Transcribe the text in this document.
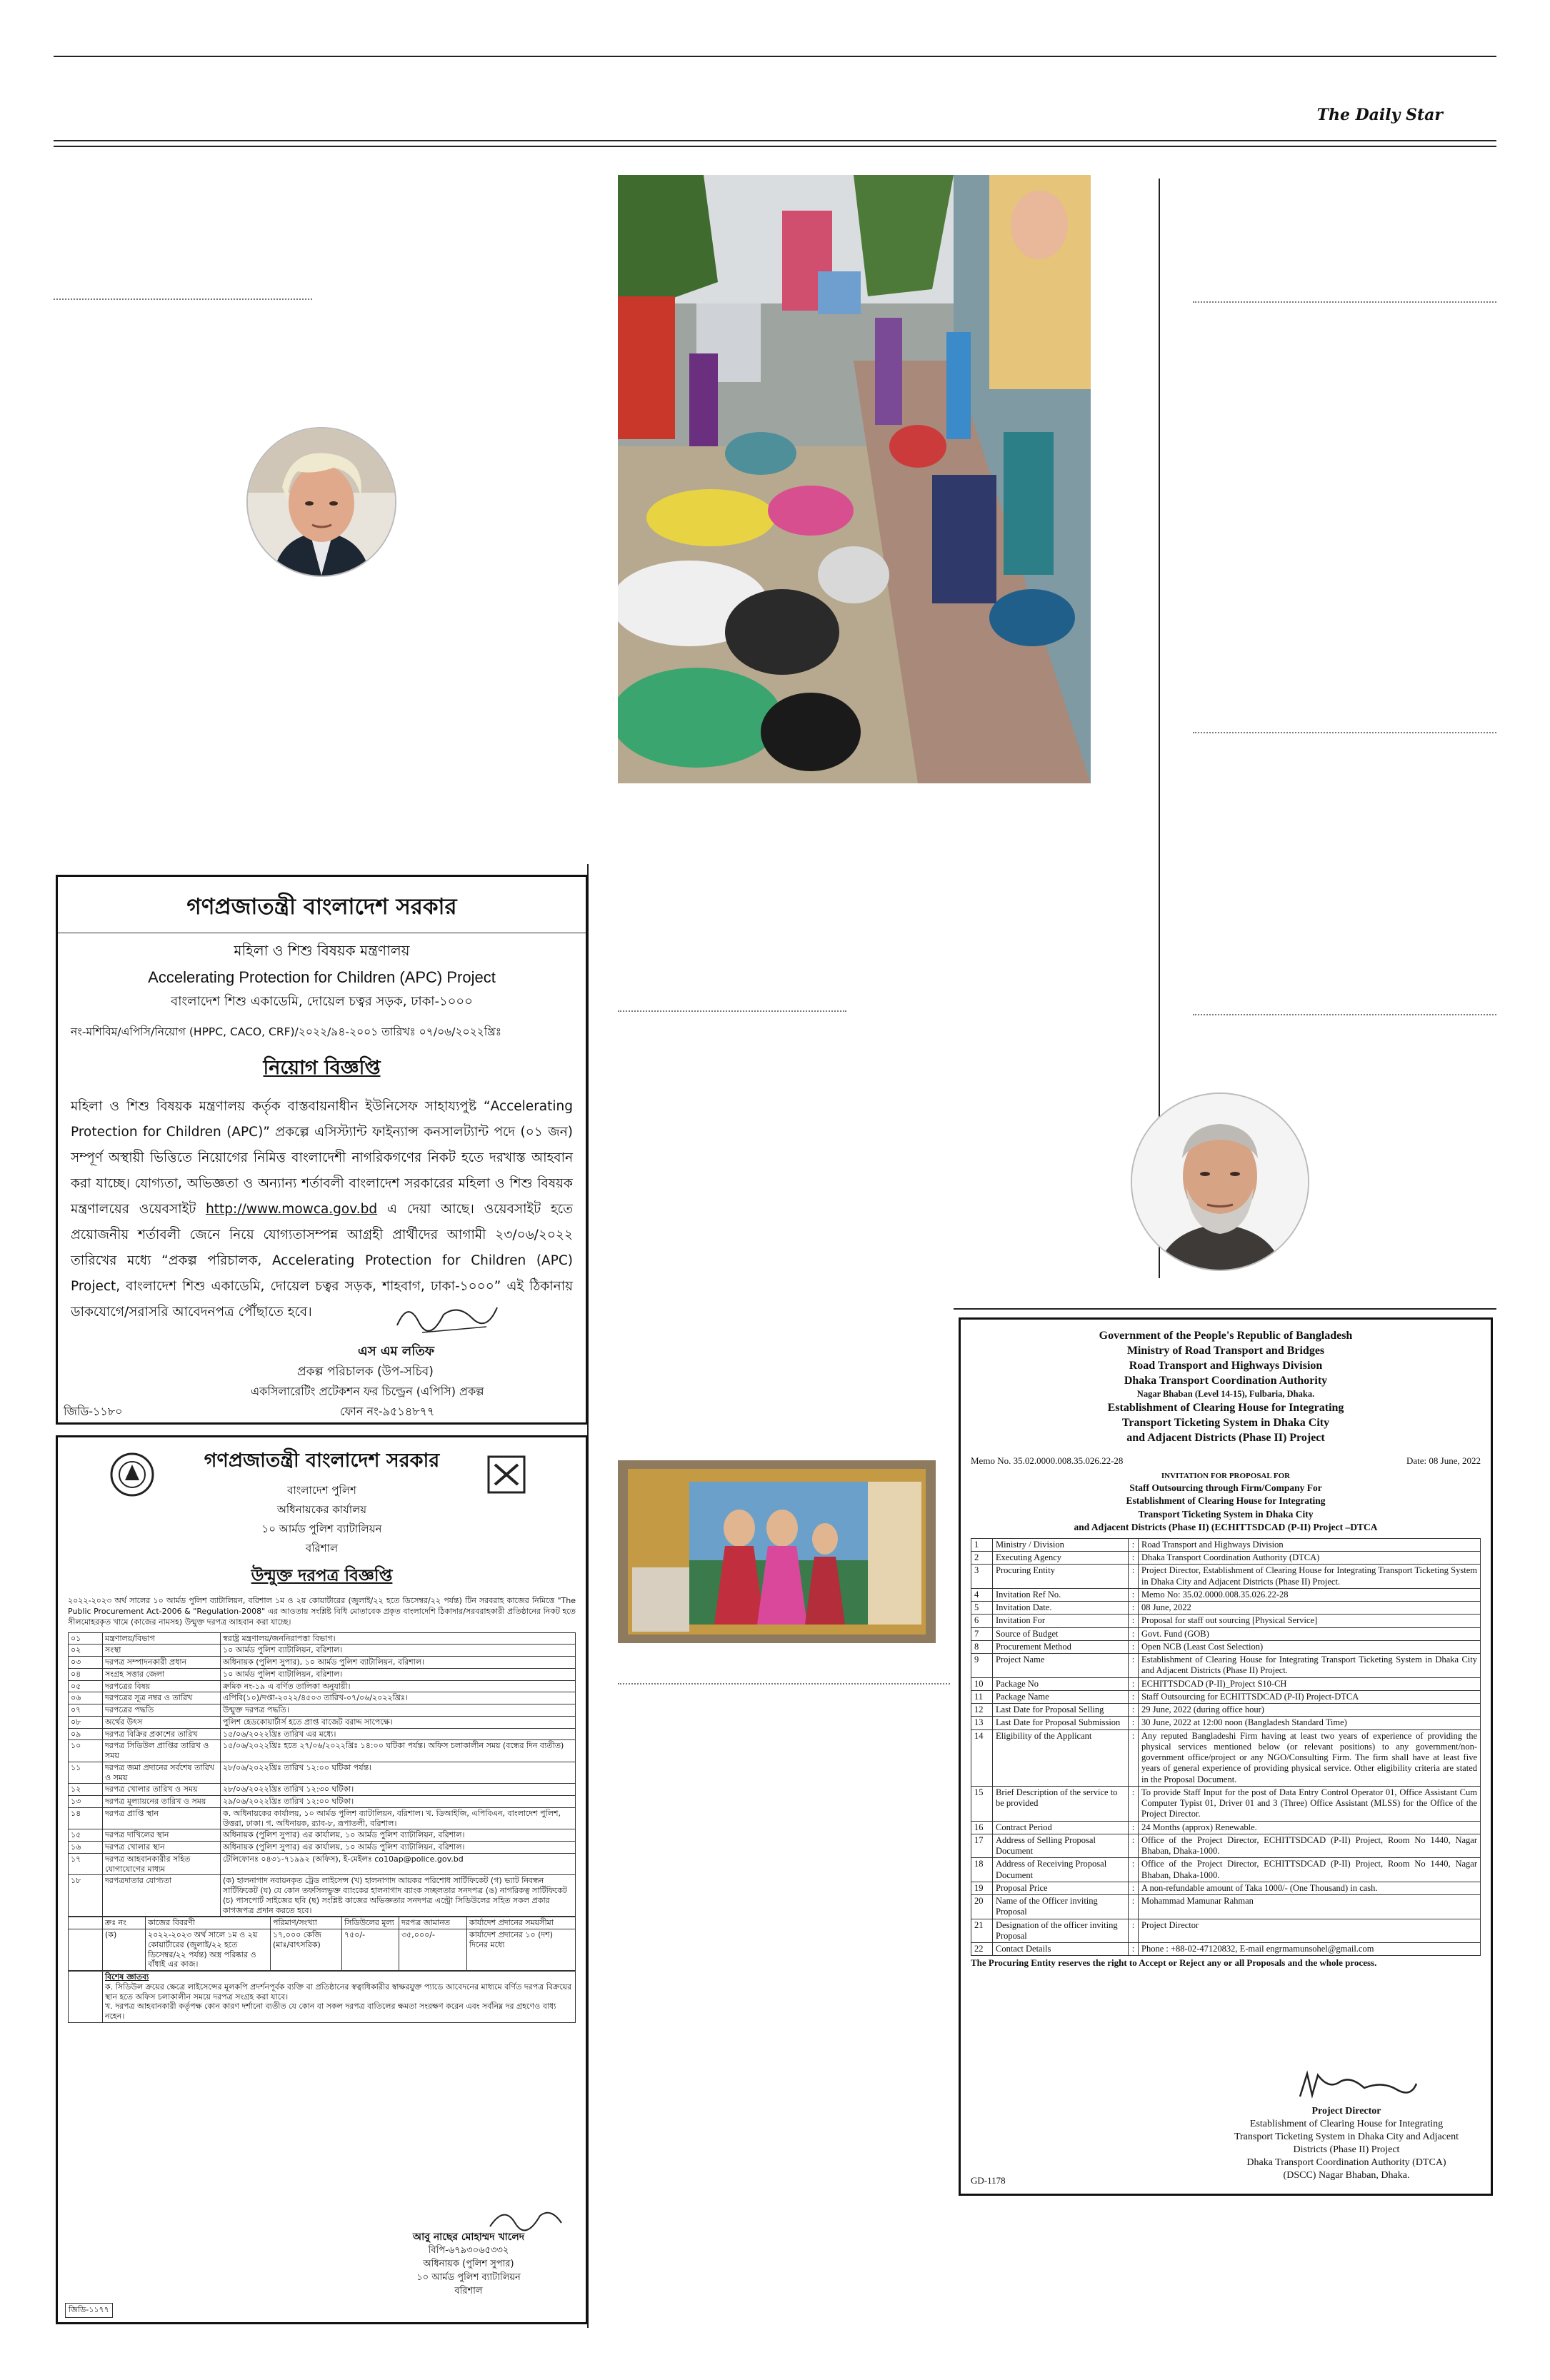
The Daily Star
গণপ্রজাতন্ত্রী বাংলাদেশ সরকার
মহিলা ও শিশু বিষয়ক মন্ত্রণালয়
Accelerating Protection for Children (APC) Project
বাংলাদেশ শিশু একাডেমি, দোয়েল চত্বর সড়ক, ঢাকা-১০০০
নং-মশিবিম/এপিসি/নিয়োগ (HPPC, CACO, CRF)/২০২২/৯৪-২০০১ তারিখঃ ০৭/০৬/২০২২খ্রিঃ
নিয়োগ বিজ্ঞপ্তি
মহিলা ও শিশু বিষয়ক মন্ত্রণালয় কর্তৃক বাস্তবায়নাধীন ইউনিসেফ সাহায্যপুষ্ট “Accelerating Protection for Children (APC)” প্রকল্পে এসিস্ট্যান্ট ফাইন্যান্স কনসালট্যান্ট পদে (০১ জন) সম্পূর্ণ অস্থায়ী ভিত্তিতে নিয়োগের নিমিত্ত বাংলাদেশী নাগরিকগণের নিকট হতে দরখাস্ত আহবান করা যাচ্ছে। যোগ্যতা, অভিজ্ঞতা ও অন্যান্য শর্তাবলী বাংলাদেশ সরকারের মহিলা ও শিশু বিষয়ক মন্ত্রণালয়ের ওয়েবসাইট http://www.mowca.gov.bd এ দেয়া আছে। ওয়েবসাইট হতে প্রয়োজনীয় শর্তাবলী জেনে নিয়ে যোগ্যতাসম্পন্ন আগ্রহী প্রার্থীদের আগামী ২৩/০৬/২০২২ তারিখের মধ্যে “প্রকল্প পরিচালক, Accelerating Protection for Children (APC) Project, বাংলাদেশ শিশু একাডেমি, দোয়েল চত্বর সড়ক, শাহবাগ, ঢাকা-১০০০” এই ঠিকানায় ডাকযোগে/সরাসরি আবেদনপত্র পৌঁছাতে হবে।
এস এম লতিফ
প্রকল্প পরিচালক (উপ-সচিব)
একসিলারেটিং প্রটেকশন ফর চিল্ড্রেন (এপিসি) প্রকল্প
জিডি-১১৮০	ফোন নং-৯৫১৪৮৭৭
গণপ্রজাতন্ত্রী বাংলাদেশ সরকার
বাংলাদেশ পুলিশ
অধিনায়কের কার্যালয়
১০ আর্মড পুলিশ ব্যাটালিয়ন
বরিশাল
উন্মুক্ত দরপত্র বিজ্ঞপ্তি
২০২২-২০২৩ অর্থ সালের ১০ আর্মড পুলিশ ব্যাটালিয়ন, বরিশাল ১ম ও ২য় কোয়ার্টারের (জুলাই/২২ হতে ডিসেম্বর/২২ পর্যন্ত) টিন সরবরাহ কাজের নিমিত্তে "The Public Procurement Act-2006 & "Regulation-2008" এর আওতায় সংশ্লিষ্ট বিধি মোতাবেক প্রকৃত বাংলাদেশি ঠিকাদার/সরবরাহকারী প্রতিষ্ঠানের নিকট হতে সীলমোহরকৃত খামে (কাজের নামসহ) উন্মুক্ত দরপত্র আহবান করা যাচ্ছে।
০১	মন্ত্রণালয়/বিভাগ	স্বরাষ্ট্র মন্ত্রণালয়/জননিরাপত্তা বিভাগ।
০২	সংস্থা	১০ আর্মড পুলিশ ব্যাটালিয়ন, বরিশাল।
০৩	দরপত্র সম্পাদনকারী প্রধান	অধিনায়ক (পুলিশ সুপার), ১০ আর্মড পুলিশ ব্যাটালিয়ন, বরিশাল।
০৪	সংগ্রহ সত্তার জেলা	১০ আর্মড পুলিশ ব্যাটালিয়ন, বরিশাল।
০৫	দরপত্রের বিষয়	ক্রমিক নং-১৯ এ বর্ণিত তালিকা অনুযায়ী।
০৬	দরপত্রের সূত্র নম্বর ও তারিখ	এপিবি(১০)/দপ্তা-২০২২/৪৫০৩ তারিখ-০৭/০৬/২০২২খ্রিঃ।
০৭	দরপত্রের পদ্ধতি	উন্মুক্ত দরপত্র পদ্ধতি।
০৮	অর্থের উৎস	পুলিশ হেডকোয়ার্টার্স হতে প্রাপ্ত বাজেট বরাদ্দ সাপেক্ষে।
০৯	দরপত্র বিক্রির প্রকাশের তারিখ	১৫/০৬/২০২২খ্রিঃ তারিখ এর মধ্যে।
১০	দরপত্র সিডিউল প্রাপ্তির তারিখ ও সময়	১৫/০৬/২০২২খ্রিঃ হতে ২৭/০৬/২০২২খ্রিঃ ১৪:০০ ঘটিকা পর্যন্ত। অফিস চলাকালীন সময় (বন্ধের দিন ব্যতীত)
১১	দরপত্র জমা প্রদানের সর্বশেষ তারিখ ও সময়	২৮/০৬/২০২২খ্রিঃ তারিখ ১২:০০ ঘটিকা পর্যন্ত।
১২	দরপত্র খোলার তারিখ ও সময়	২৮/০৬/২০২২খ্রিঃ তারিখ ১২:৩০ ঘটিকা।
১৩	দরপত্র মূল্যায়নের তারিখ ও সময়	২৯/০৬/২০২২খ্রিঃ তারিখ ১২:০০ ঘটিকা।
১৪	দরপত্র প্রাপ্তি স্থান	ক. অধিনায়কের কার্যালয়, ১০ আর্মড পুলিশ ব্যাটালিয়ন, বরিশাল। খ. ডিআইজি, এপিবিএন, বাংলাদেশ পুলিশ, উত্তরা, ঢাকা। গ. অধিনায়ক, র‍্যাব-৮, রূপাতলী, বরিশাল।
১৫	দরপত্র দাখিলের স্থান	অধিনায়ক (পুলিশ সুপার) এর কার্যালয়, ১০ আর্মড পুলিশ ব্যাটালিয়ন, বরিশাল।
১৬	দরপত্র খোলার স্থান	অধিনায়ক (পুলিশ সুপার) এর কার্যালয়, ১০ আর্মড পুলিশ ব্যাটালিয়ন, বরিশাল।
১৭	দরপত্র আহবানকারীর সহিত যোগাযোগের মাধ্যম	টেলিফোনঃ ০৪৩১-৭১৯৯২ (অফিস), ই-মেইলঃ co10ap@police.gov.bd
১৮	দরপত্রদাতার যোগ্যতা	(ক) হালনাগাদ নবায়নকৃত ট্রেড লাইসেন্স (খ) হালনাগাদ আয়কর পরিশোধ সার্টিফিকেট (গ) ভ্যাট নিবন্ধন সার্টিফিকেট (ঘ) যে কোন তফসিলভুক্ত ব্যাংকের হালনাগাদ ব্যাংক সচ্ছলতার সনদপত্র (ঙ) নাগরিকত্ব সার্টিফিকেট (চ) পাসপোর্ট সাইজের ছবি (ছ) সংশ্লিষ্ট কাজের অভিজ্ঞতার সনদপত্র এন্ট্রো সিডিউলের সহিত সকল প্রকার কাগজপত্র প্রদান করতে হবে।
	ক্রঃ নং	কাজের বিবরণী	পরিমাণ/সংখ্যা	সিডিউলের মূল্য	দরপত্র জামানত	কার্যাদেশ প্রদানের সময়সীমা
	(ক)	২০২২-২০২৩ অর্থ সালে ১ম ও ২য় কোয়ার্টারের (জুলাই/২২ হতে ডিসেম্বর/২২ পর্যন্ত) অস্ত্র পরিষ্কার ও বাঁধাই এর কাজ।	১৭,০০০ কেজি (মাঃ/বাৎসরিক)	৭৫০/-	৩৫,০০০/-	কার্যাদেশ প্রদানের ১০ (দশ) দিনের মধ্যে

বিশেষ জ্ঞাতব্য
ক. সিডিউল ক্রয়ের ক্ষেত্রে লাইসেন্সের মূলকপি প্রদর্শনপূর্বক ব্যক্তি বা প্রতিষ্ঠানের স্বত্বাধিকারীর স্বাক্ষরযুক্ত প্যাডে আবেদনের মাধ্যমে বর্ণিত দরপত্র বিক্রয়ের স্থান হতে অফিস চলাকালীন সময়ে দরপত্র সংগ্রহ করা যাবে।
খ. দরপত্র আহবানকারী কর্তৃপক্ষ কোন কারণ দর্শানো ব্যতীত যে কোন বা সকল দরপত্র বাতিলের ক্ষমতা সংরক্ষণ করেন এবং সর্বনিম্ন দর গ্রহণেও বাধ্য নহেন।
আবু নাছের মোহাম্মদ খালেদ
বিপি-৬৭৯৩০৬৫৩৩২
অধিনায়ক (পুলিশ সুপার)
১০ আর্মড পুলিশ ব্যাটালিয়ন
বরিশাল
জিডি-১১৭৭
Government of the People's Republic of Bangladesh
Ministry of Road Transport and Bridges
Road Transport and Highways Division
Dhaka Transport Coordination Authority
Nagar Bhaban (Level 14-15), Fulbaria, Dhaka.
Establishment of Clearing House for Integrating
Transport Ticketing System in Dhaka City
and Adjacent Districts (Phase II) Project
Memo No. 35.02.0000.008.35.026.22-28	Date: 08 June, 2022
INVITATION FOR PROPOSAL FOR
Staff Outsourcing through Firm/Company For
Establishment of Clearing House for Integrating
Transport Ticketing System in Dhaka City
and Adjacent Districts (Phase II) (ECHITTSDCAD (P-II) Project –DTCA
1	Ministry / Division	:	Road Transport and Highways Division
2	Executing Agency	:	Dhaka Transport Coordination Authority (DTCA)
3	Procuring Entity	:	Project Director, Establishment of Clearing House for Integrating Transport Ticketing System in Dhaka City and Adjacent Districts (Phase II) Project.
4	Invitation Ref No.	:	Memo No: 35.02.0000.008.35.026.22-28
5	Invitation Date.	:	08 June, 2022
6	Invitation For	:	Proposal for staff out sourcing [Physical Service]
7	Source of Budget	:	Govt. Fund (GOB)
8	Procurement Method	:	Open NCB (Least Cost Selection)
9	Project Name	:	Establishment of Clearing House for Integrating Transport Ticketing System in Dhaka City and Adjacent Districts (Phase II) Project.
10	Package No	:	ECHITTSDCAD (P-II)_Project S10-CH
11	Package Name	:	Staff Outsourcing for ECHITTSDCAD (P-II) Project-DTCA
12	Last Date for Proposal Selling	:	29 June, 2022 (during office hour)
13	Last Date for Proposal Submission	:	30 June, 2022 at 12:00 noon (Bangladesh Standard Time)
14	Eligibility of the Applicant	:	Any reputed Bangladeshi Firm having at least two years of experience of providing the physical services mentioned below (or relevant positions) to any government/non-government office/project or any NGO/Consulting Firm. The firm shall have at least five years of general experience of providing physical service. Other eligibility criteria are stated in the Proposal Document.
15	Brief Description of the service to be provided	:	To provide Staff Input for the post of Data Entry Control Operator 01, Office Assistant Cum Computer Typist 01, Driver 01 and 3 (Three) Office Assistant (MLSS) for the Office of the Project Director.
16	Contract Period	:	24 Months (approx) Renewable.
17	Address of Selling Proposal Document	:	Office of the Project Director, ECHITTSDCAD (P-II) Project, Room No 1440, Nagar Bhaban, Dhaka-1000.
18	Address of Receiving Proposal Document	:	Office of the Project Director, ECHITTSDCAD (P-II) Project, Room No 1440, Nagar Bhaban, Dhaka-1000.
19	Proposal Price	:	A non-refundable amount of Taka 1000/- (One Thousand) in cash.
20	Name of the Officer inviting Proposal	:	Mohammad Mamunar Rahman
21	Designation of the officer inviting Proposal	:	Project Director
22	Contact Details	:	Phone : +88-02-47120832, E-mail engrmamunsohel@gmail.com
The Procuring Entity reserves the right to Accept or Reject any or all Proposals and the whole process.
Project Director
Establishment of Clearing House for Integrating
Transport Ticketing System in Dhaka City and Adjacent
Districts (Phase II) Project
Dhaka Transport Coordination Authority (DTCA)
(DSCC) Nagar Bhaban, Dhaka.
GD-1178
